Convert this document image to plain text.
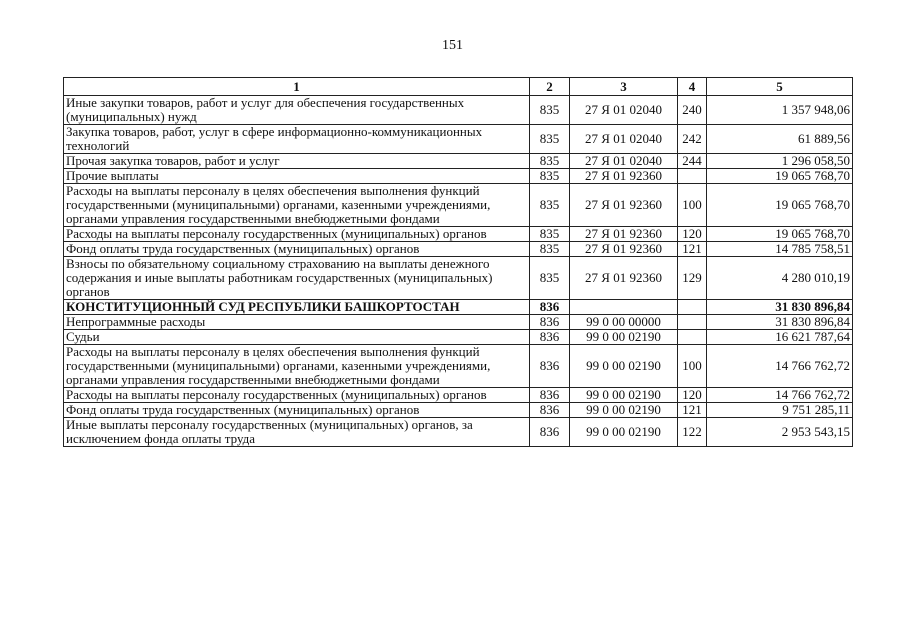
151
1	2	3	4	5
Иные закупки товаров, работ и услуг для обеспечения государственных (муниципальных) нужд	835	27 Я 01 02040	240	1 357 948,06
Закупка товаров, работ, услуг в сфере информационно-коммуникационных технологий	835	27 Я 01 02040	242	61 889,56
Прочая закупка товаров, работ и услуг	835	27 Я 01 02040	244	1 296 058,50
Прочие выплаты	835	27 Я 01 92360		19 065 768,70
Расходы на выплаты персоналу в целях обеспечения выполнения функций государственными (муниципальными) органами, казенными учреждениями, органами управления государственными внебюджетными фондами	835	27 Я 01 92360	100	19 065 768,70
Расходы на выплаты персоналу государственных (муниципальных) органов	835	27 Я 01 92360	120	19 065 768,70
Фонд оплаты труда государственных (муниципальных) органов	835	27 Я 01 92360	121	14 785 758,51
Взносы по обязательному социальному страхованию на выплаты денежного содержания и иные выплаты работникам государственных (муниципальных) органов	835	27 Я 01 92360	129	4 280 010,19
КОНСТИТУЦИОННЫЙ СУД РЕСПУБЛИКИ БАШКОРТОСТАН	836			31 830 896,84
Непрограммные расходы	836	99 0 00 00000		31 830 896,84
Судьи	836	99 0 00 02190		16 621 787,64
Расходы на выплаты персоналу в целях обеспечения выполнения функций государственными (муниципальными) органами, казенными учреждениями, органами управления государственными внебюджетными фондами	836	99 0 00 02190	100	14 766 762,72
Расходы на выплаты персоналу государственных (муниципальных) органов	836	99 0 00 02190	120	14 766 762,72
Фонд оплаты труда государственных (муниципальных) органов	836	99 0 00 02190	121	9 751 285,11
Иные выплаты персоналу государственных (муниципальных) органов, за исключением фонда оплаты труда	836	99 0 00 02190	122	2 953 543,15
